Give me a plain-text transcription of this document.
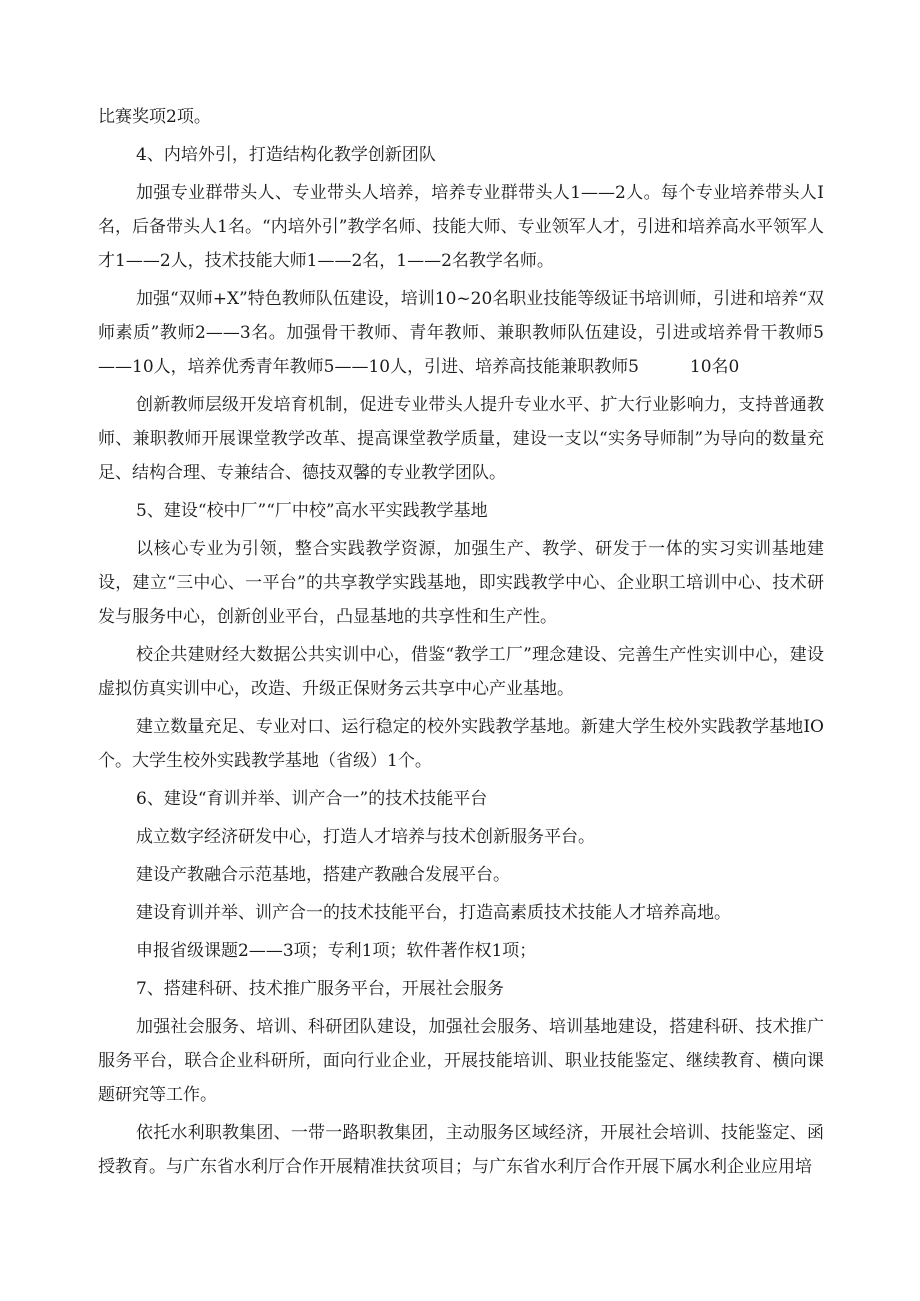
比赛奖项2项。

4、内培外引，打造结构化教学创新团队

加强专业群带头人、专业带头人培养，培养专业群带头人1——2人。每个专业培养带头人I名，后备带头人1名。“内培外引”教学名师、技能大师、专业领军人才，引进和培养高水平领军人才1——2人，技术技能大师1——2名，1——2名教学名师。

加强“双师+X”特色教师队伍建设，培训10~20名职业技能等级证书培训师，引进和培养“双师素质”教师2——3名。加强骨干教师、青年教师、兼职教师队伍建设，引进或培养骨干教师5——10人，培养优秀青年教师5——10人，引进、培养高技能兼职教师5　　　10名0

创新教师层级开发培育机制，促进专业带头人提升专业水平、扩大行业影响力，支持普通教师、兼职教师开展课堂教学改革、提高课堂教学质量，建设一支以“实务导师制”为导向的数量充足、结构合理、专兼结合、德技双馨的专业教学团队。

5、建设“校中厂”“厂中校”高水平实践教学基地

以核心专业为引领，整合实践教学资源，加强生产、教学、研发于一体的实习实训基地建设，建立“三中心、一平台”的共享教学实践基地，即实践教学中心、企业职工培训中心、技术研发与服务中心，创新创业平台，凸显基地的共享性和生产性。

校企共建财经大数据公共实训中心，借鉴“教学工厂”理念建设、完善生产性实训中心，建设虚拟仿真实训中心，改造、升级正保财务云共享中心产业基地。

建立数量充足、专业对口、运行稳定的校外实践教学基地。新建大学生校外实践教学基地IO个。大学生校外实践教学基地（省级）1个。

6、建设“育训并举、训产合一”的技术技能平台

成立数字经济研发中心，打造人才培养与技术创新服务平台。

建设产教融合示范基地，搭建产教融合发展平台。

建设育训并举、训产合一的技术技能平台，打造高素质技术技能人才培养高地。

申报省级课题2——3项；专利1项；软件著作权1项；

7、搭建科研、技术推广服务平台，开展社会服务

加强社会服务、培训、科研团队建设，加强社会服务、培训基地建设，搭建科研、技术推广服务平台，联合企业科研所，面向行业企业，开展技能培训、职业技能鉴定、继续教育、横向课题研究等工作。

依托水利职教集团、一带一路职教集团，主动服务区域经济，开展社会培训、技能鉴定、函授教育。与广东省水利厅合作开展精准扶贫项目；与广东省水利厅合作开展下属水利企业应用培
